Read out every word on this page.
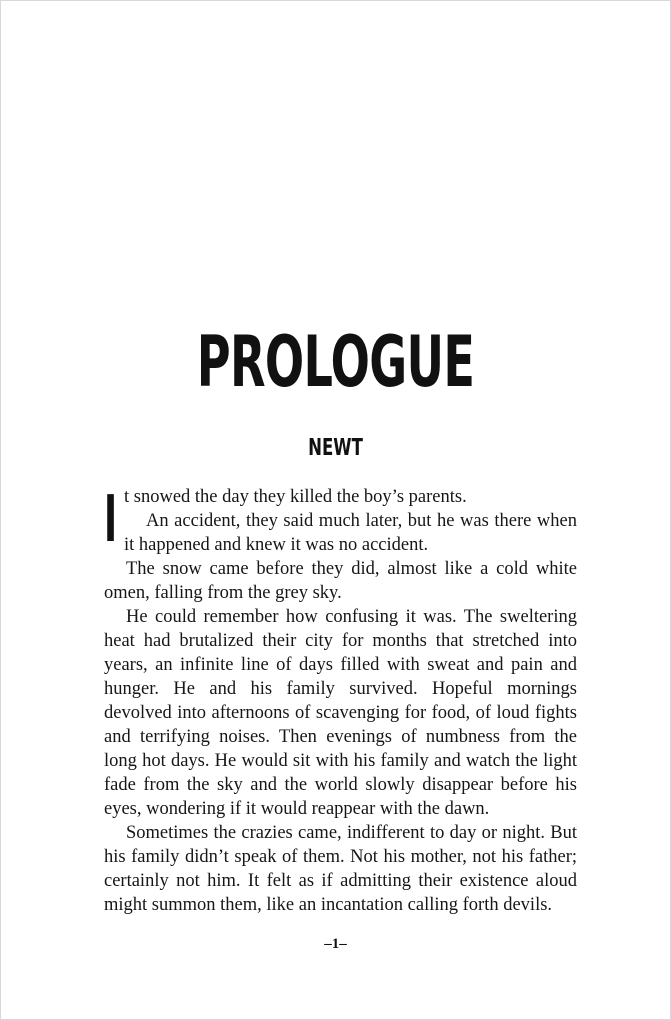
PROLOGUE
NEWT

It snowed the day they killed the boy’s parents.

An accident, they said much later, but he was there when it happened and knew it was no accident.

The snow came before they did, almost like a cold white omen, falling from the grey sky.

He could remember how confusing it was. The sweltering heat had brutalized their city for months that stretched into years, an infinite line of days filled with sweat and pain and hunger. He and his family survived. Hopeful mornings devolved into afternoons of scavenging for food, of loud fights and terrifying noises. Then evenings of numbness from the long hot days. He would sit with his family and watch the light fade from the sky and the world slowly disappear before his eyes, wondering if it would reappear with the dawn.

Sometimes the crazies came, indifferent to day or night. But his family didn’t speak of them. Not his mother, not his father; certainly not him. It felt as if admitting their existence aloud might summon them, like an incantation calling forth devils.

–1–
